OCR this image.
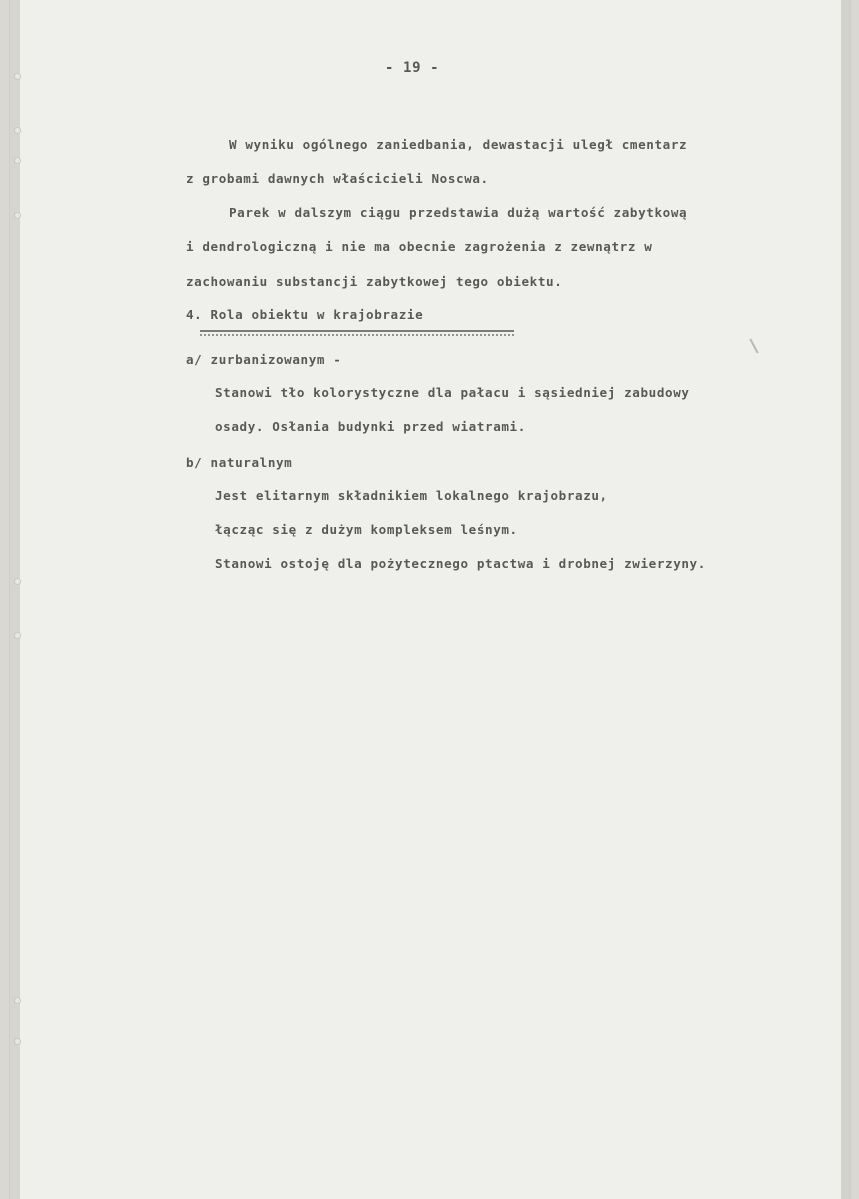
- 19 -
W wyniku ogólnego zaniedbania, dewastacji uległ cmentarz
z grobami dawnych właścicieli Noscwa.
Parek w dalszym ciągu przedstawia dużą wartość zabytkową
i dendrologiczną i nie ma obecnie zagrożenia z zewnątrz w
zachowaniu substancji zabytkowej tego obiektu.
4. Rola obiektu w krajobrazie
a/ zurbanizowanym -
Stanowi tło kolorystyczne dla pałacu i sąsiedniej zabudowy
osady. Osłania budynki przed wiatrami.
b/ naturalnym
Jest elitarnym składnikiem lokalnego krajobrazu,
łącząc się z dużym kompleksem leśnym.
Stanowi ostoję dla pożytecznego ptactwa i drobnej zwierzyny.
